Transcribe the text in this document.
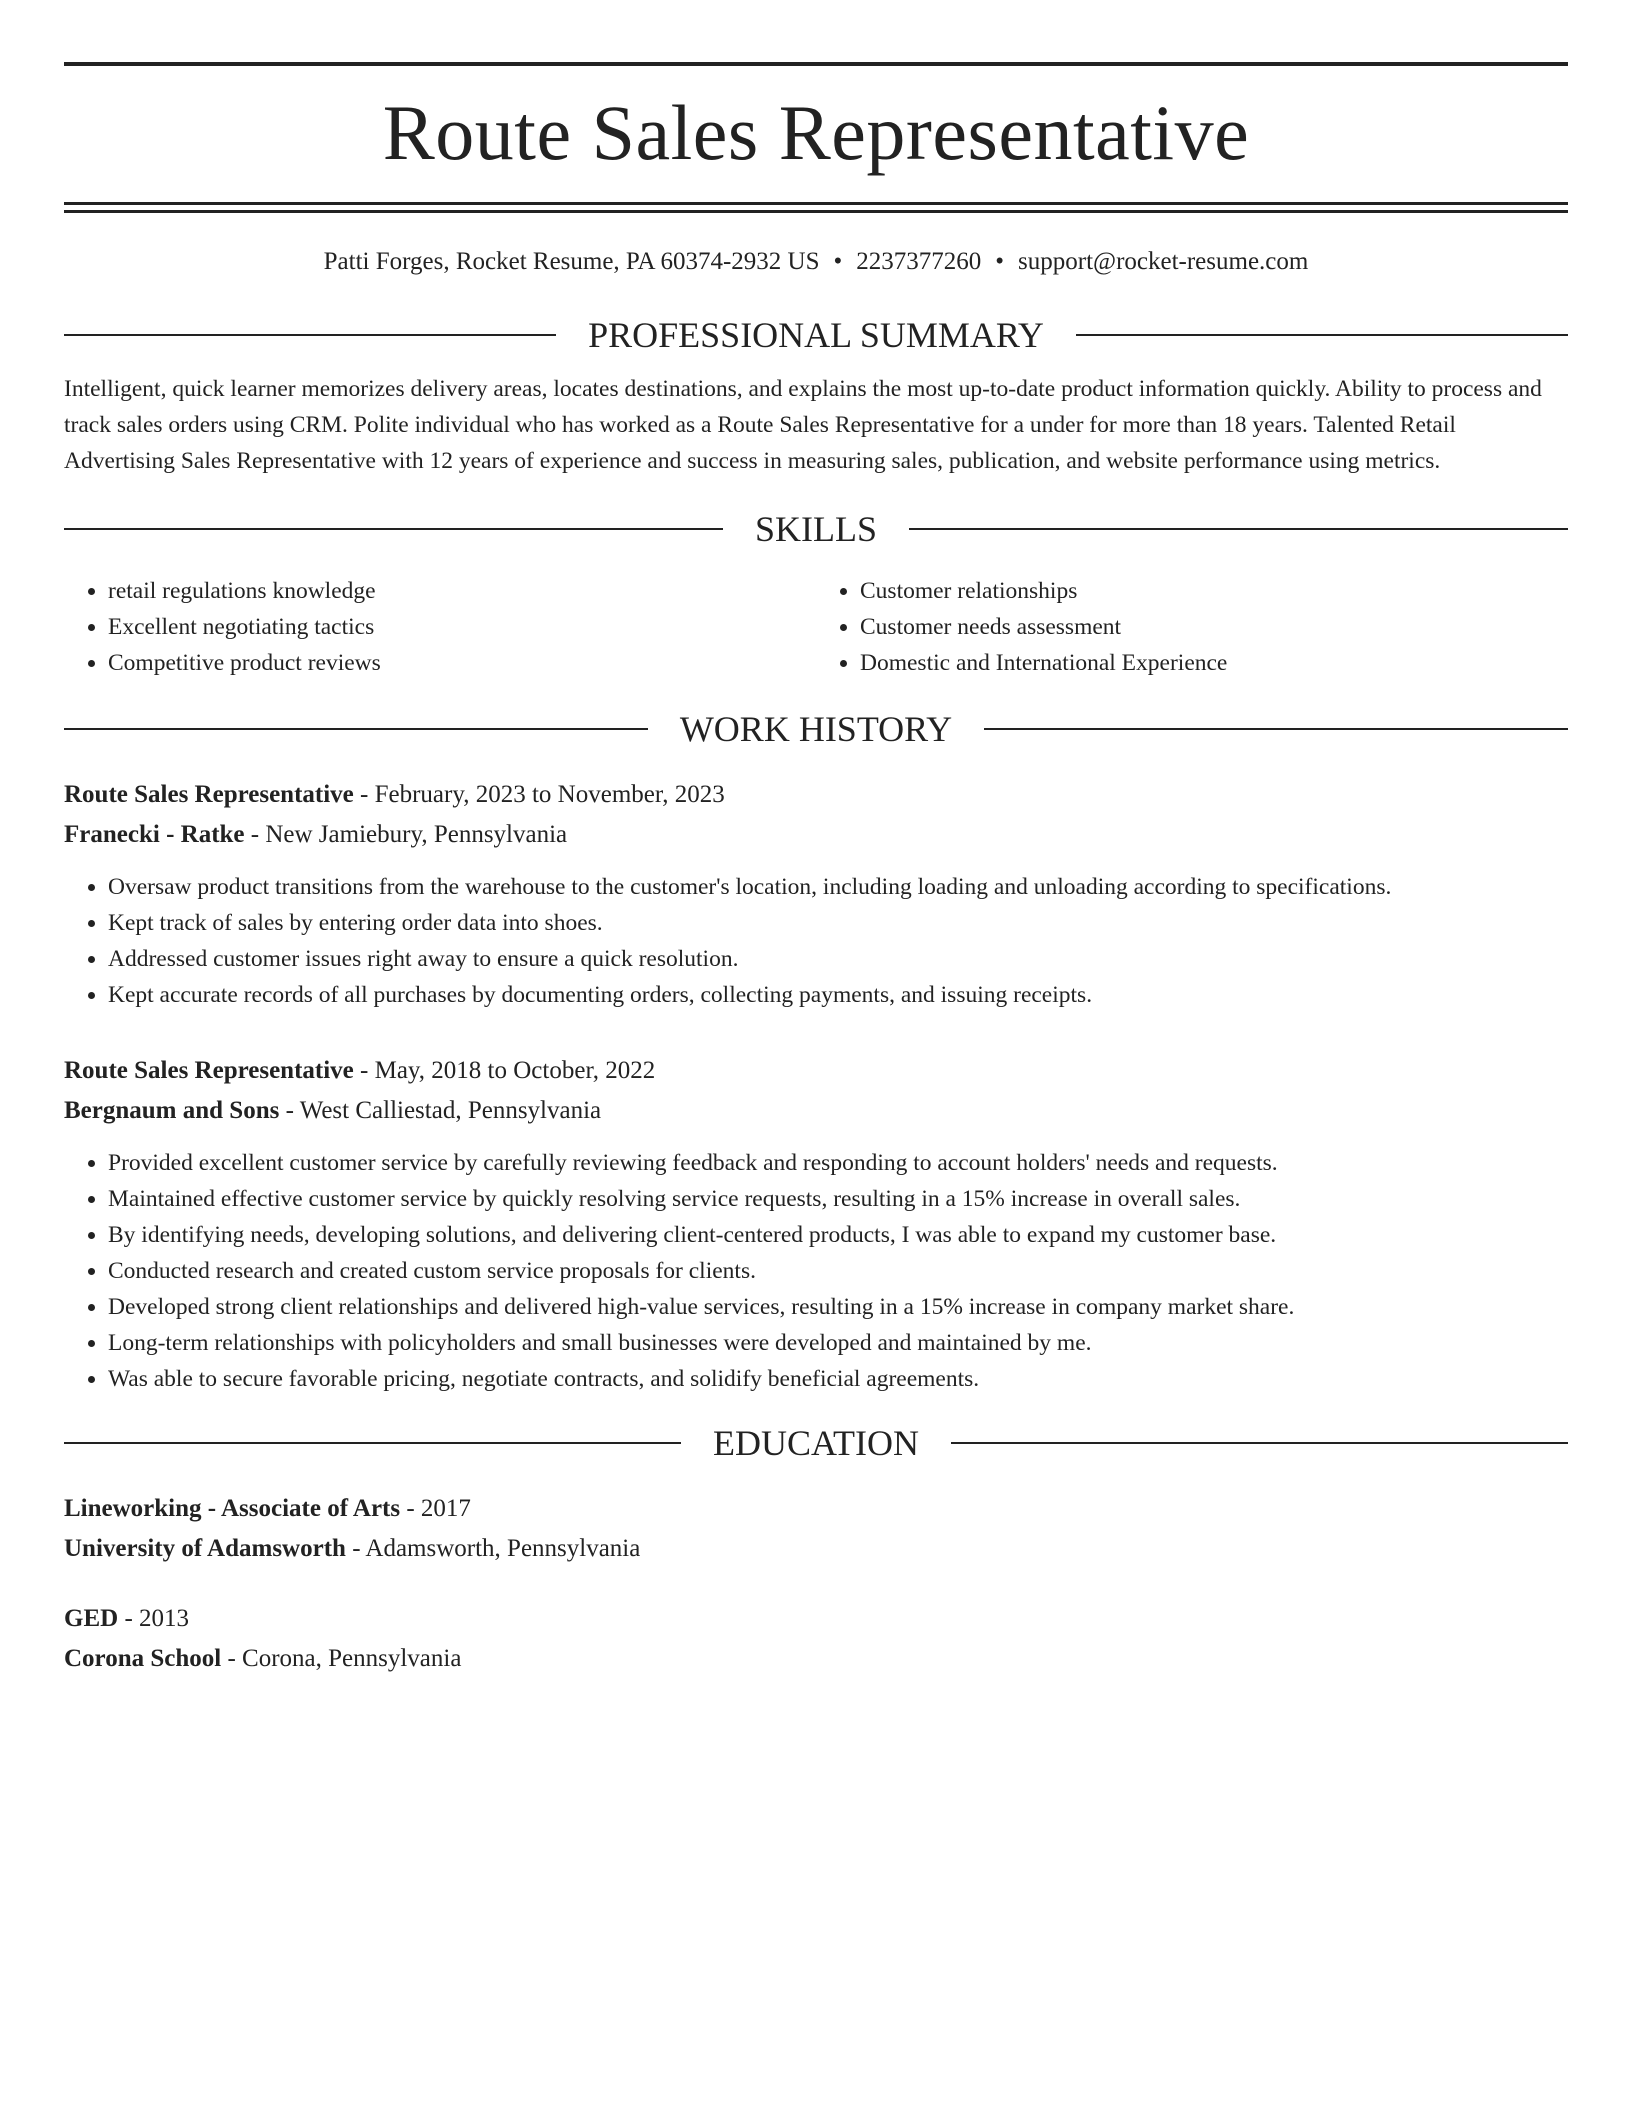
Route Sales Representative
Patti Forges, Rocket Resume, PA 60374-2932 US • 2237377260 • support@rocket-resume.com
PROFESSIONAL SUMMARY
Intelligent, quick learner memorizes delivery areas, locates destinations, and explains the most up-to-date product information quickly. Ability to process and track sales orders using CRM. Polite individual who has worked as a Route Sales Representative for a under for more than 18 years. Talented Retail Advertising Sales Representative with 12 years of experience and success in measuring sales, publication, and website performance using metrics.
SKILLS
• retail regulations knowledge
• Excellent negotiating tactics
• Competitive product reviews
• Customer relationships
• Customer needs assessment
• Domestic and International Experience
WORK HISTORY
Route Sales Representative - February, 2023 to November, 2023
Franecki - Ratke - New Jamiebury, Pennsylvania
• Oversaw product transitions from the warehouse to the customer's location, including loading and unloading according to specifications.
• Kept track of sales by entering order data into shoes.
• Addressed customer issues right away to ensure a quick resolution.
• Kept accurate records of all purchases by documenting orders, collecting payments, and issuing receipts.
Route Sales Representative - May, 2018 to October, 2022
Bergnaum and Sons - West Calliestad, Pennsylvania
• Provided excellent customer service by carefully reviewing feedback and responding to account holders' needs and requests.
• Maintained effective customer service by quickly resolving service requests, resulting in a 15% increase in overall sales.
• By identifying needs, developing solutions, and delivering client-centered products, I was able to expand my customer base.
• Conducted research and created custom service proposals for clients.
• Developed strong client relationships and delivered high-value services, resulting in a 15% increase in company market share.
• Long-term relationships with policyholders and small businesses were developed and maintained by me.
• Was able to secure favorable pricing, negotiate contracts, and solidify beneficial agreements.
EDUCATION
Lineworking - Associate of Arts - 2017
University of Adamsworth - Adamsworth, Pennsylvania
GED - 2013
Corona School - Corona, Pennsylvania
